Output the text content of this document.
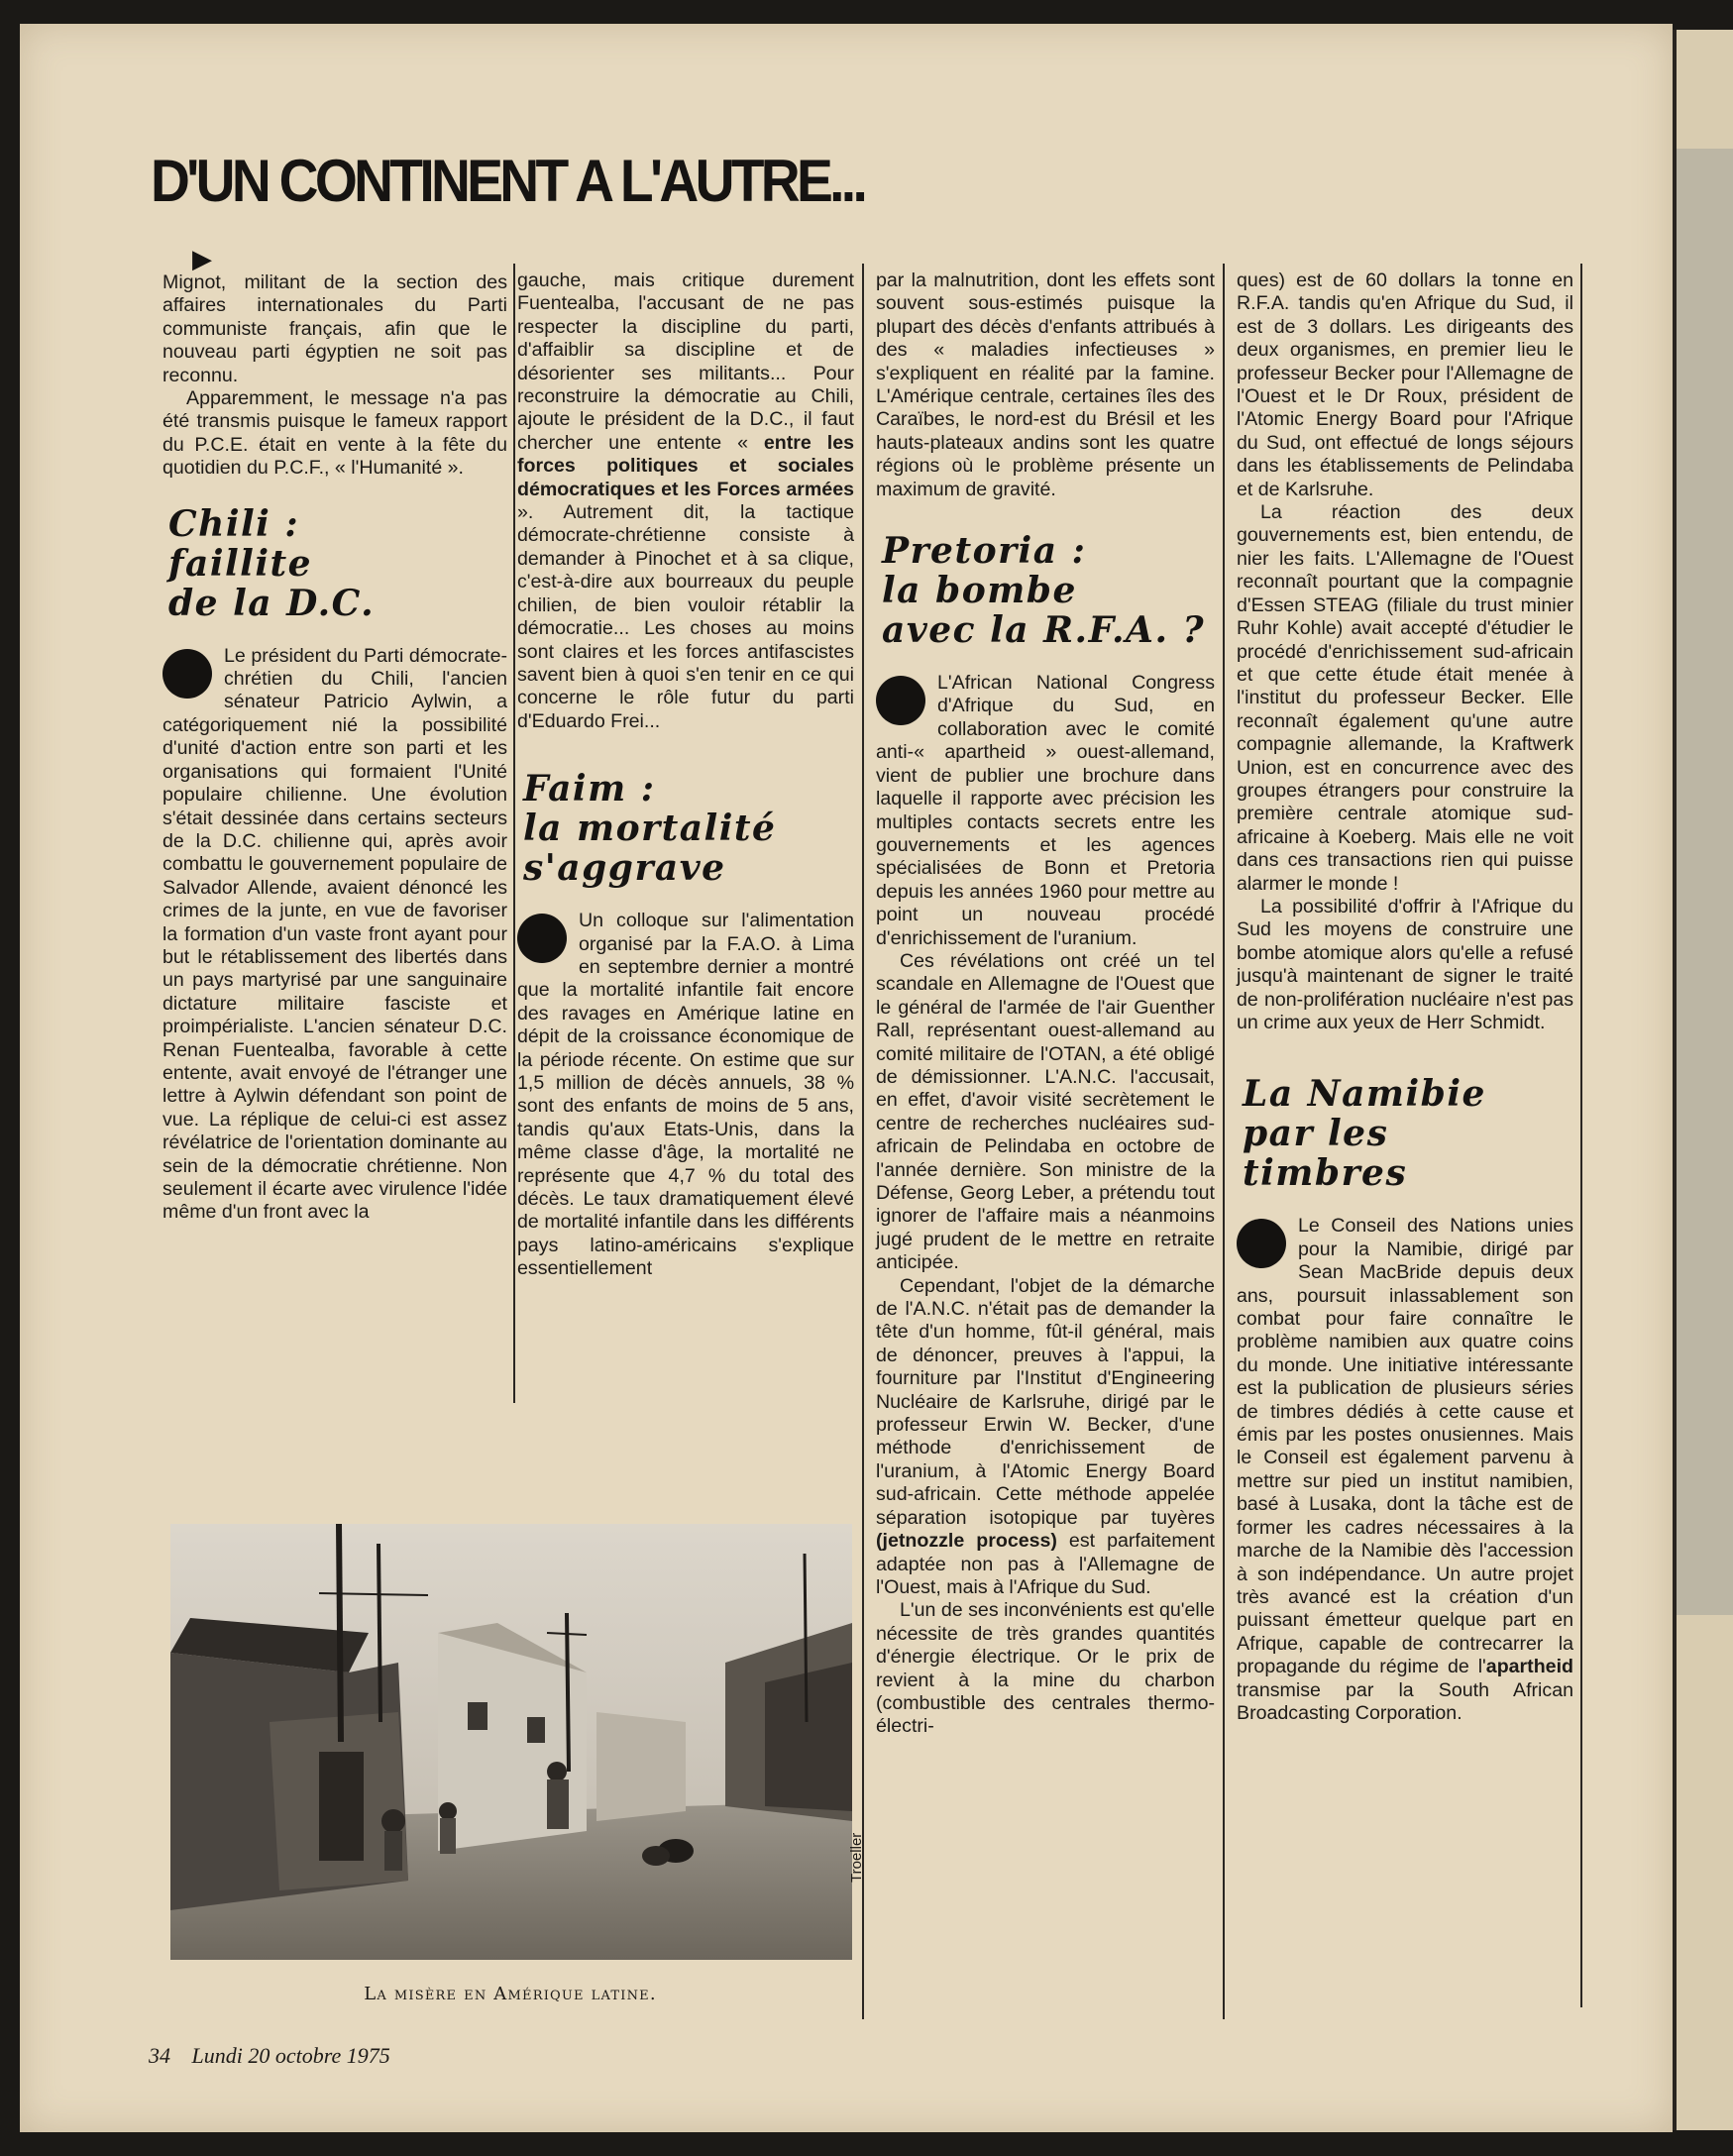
D'UN CONTINENT A L'AUTRE...
▶

Mignot, militant de la section des affaires internationales du Parti communiste français, afin que le nouveau parti égyptien ne soit pas reconnu.

Apparemment, le message n'a pas été transmis puisque le fameux rapport du P.C.E. était en vente à la fête du quotidien du P.C.F., « l'Humanité ».

Chili :
faillite
de la D.C.

Le président du Parti démocrate-chrétien du Chili, l'ancien sénateur Patricio Aylwin, a catégoriquement nié la possibilité d'unité d'action entre son parti et les organisations qui formaient l'Unité populaire chilienne. Une évolution s'était dessinée dans certains secteurs de la D.C. chilienne qui, après avoir combattu le gouvernement populaire de Salvador Allende, avaient dénoncé les crimes de la junte, en vue de favoriser la formation d'un vaste front ayant pour but le rétablissement des libertés dans un pays martyrisé par une sanguinaire dictature militaire fasciste et proimpérialiste. L'ancien sénateur D.C. Renan Fuentealba, favorable à cette entente, avait envoyé de l'étranger une lettre à Aylwin défendant son point de vue. La réplique de celui-ci est assez révélatrice de l'orientation dominante au sein de la démocratie chrétienne. Non seulement il écarte avec virulence l'idée même d'un front avec la

gauche, mais critique durement Fuentealba, l'accusant de ne pas respecter la discipline du parti, d'affaiblir sa discipline et de désorienter ses militants... Pour reconstruire la démocratie au Chili, ajoute le président de la D.C., il faut chercher une entente « entre les forces politiques et sociales démocratiques et les Forces armées ». Autrement dit, la tactique démocrate-chrétienne consiste à demander à Pinochet et à sa clique, c'est-à-dire aux bourreaux du peuple chilien, de bien vouloir rétablir la démocratie... Les choses au moins sont claires et les forces antifascistes savent bien à quoi s'en tenir en ce qui concerne le rôle futur du parti d'Eduardo Frei...

Faim :
la mortalité
s'aggrave

Un colloque sur l'alimentation organisé par la F.A.O. à Lima en septembre dernier a montré que la mortalité infantile fait encore des ravages en Amérique latine en dépit de la croissance économique de la période récente. On estime que sur 1,5 million de décès annuels, 38 % sont des enfants de moins de 5 ans, tandis qu'aux Etats-Unis, dans la même classe d'âge, la mortalité ne représente que 4,7 % du total des décès. Le taux dramatiquement élevé de mortalité infantile dans les différents pays latino-américains s'explique essentiellement

par la malnutrition, dont les effets sont souvent sous-estimés puisque la plupart des décès d'enfants attribués à des « maladies infectieuses » s'expliquent en réalité par la famine. L'Amérique centrale, certaines îles des Caraïbes, le nord-est du Brésil et les hauts-plateaux andins sont les quatre régions où le problème présente un maximum de gravité.

Pretoria :
la bombe
avec la R.F.A. ?

L'African National Congress d'Afrique du Sud, en collaboration avec le comité anti-« apartheid » ouest-allemand, vient de publier une brochure dans laquelle il rapporte avec précision les multiples contacts secrets entre les gouvernements et les agences spécialisées de Bonn et Pretoria depuis les années 1960 pour mettre au point un nouveau procédé d'enrichissement de l'uranium.

Ces révélations ont créé un tel scandale en Allemagne de l'Ouest que le général de l'armée de l'air Guenther Rall, représentant ouest-allemand au comité militaire de l'OTAN, a été obligé de démissionner. L'A.N.C. l'accusait, en effet, d'avoir visité secrètement le centre de recherches nucléaires sud-africain de Pelindaba en octobre de l'année dernière. Son ministre de la Défense, Georg Leber, a prétendu tout ignorer de l'affaire mais a néanmoins jugé prudent de le mettre en retraite anticipée.

Cependant, l'objet de la démarche de l'A.N.C. n'était pas de demander la tête d'un homme, fût-il général, mais de dénoncer, preuves à l'appui, la fourniture par l'Institut d'Engineering Nucléaire de Karlsruhe, dirigé par le professeur Erwin W. Becker, d'une méthode d'enrichissement de l'uranium, à l'Atomic Energy Board sud-africain. Cette méthode appelée séparation isotopique par tuyères (jetnozzle process) est parfaitement adaptée non pas à l'Allemagne de l'Ouest, mais à l'Afrique du Sud.

L'un de ses inconvénients est qu'elle nécessite de très grandes quantités d'énergie électrique. Or le prix de revient à la mine du charbon (combustible des centrales thermo-électri-

ques) est de 60 dollars la tonne en R.F.A. tandis qu'en Afrique du Sud, il est de 3 dollars. Les dirigeants des deux organismes, en premier lieu le professeur Becker pour l'Allemagne de l'Ouest et le Dr Roux, président de l'Atomic Energy Board pour l'Afrique du Sud, ont effectué de longs séjours dans les établissements de Pelindaba et de Karlsruhe.

La réaction des deux gouvernements est, bien entendu, de nier les faits. L'Allemagne de l'Ouest reconnaît pourtant que la compagnie d'Essen STEAG (filiale du trust minier Ruhr Kohle) avait accepté d'étudier le procédé d'enrichissement sud-africain et que cette étude était menée à l'institut du professeur Becker. Elle reconnaît également qu'une autre compagnie allemande, la Kraftwerk Union, est en concurrence avec des groupes étrangers pour construire la première centrale atomique sud-africaine à Koeberg. Mais elle ne voit dans ces transactions rien qui puisse alarmer le monde !

La possibilité d'offrir à l'Afrique du Sud les moyens de construire une bombe atomique alors qu'elle a refusé jusqu'à maintenant de signer le traité de non-prolifération nucléaire n'est pas un crime aux yeux de Herr Schmidt.

La Namibie
par les
timbres

Le Conseil des Nations unies pour la Namibie, dirigé par Sean MacBride depuis deux ans, poursuit inlassablement son combat pour faire connaître le problème namibien aux quatre coins du monde. Une initiative intéressante est la publication de plusieurs séries de timbres dédiés à cette cause et émis par les postes onusiennes. Mais le Conseil est également parvenu à mettre sur pied un institut namibien, basé à Lusaka, dont la tâche est de former les cadres nécessaires à la marche de la Namibie dès l'accession à son indépendance. Un autre projet très avancé est la création d'un puissant émetteur quelque part en Afrique, capable de contrecarrer la propagande du régime de l'apartheid transmise par la South African Broadcasting Corporation.

Troeller
La misère en Amérique latine.
34 Lundi 20 octobre 1975
